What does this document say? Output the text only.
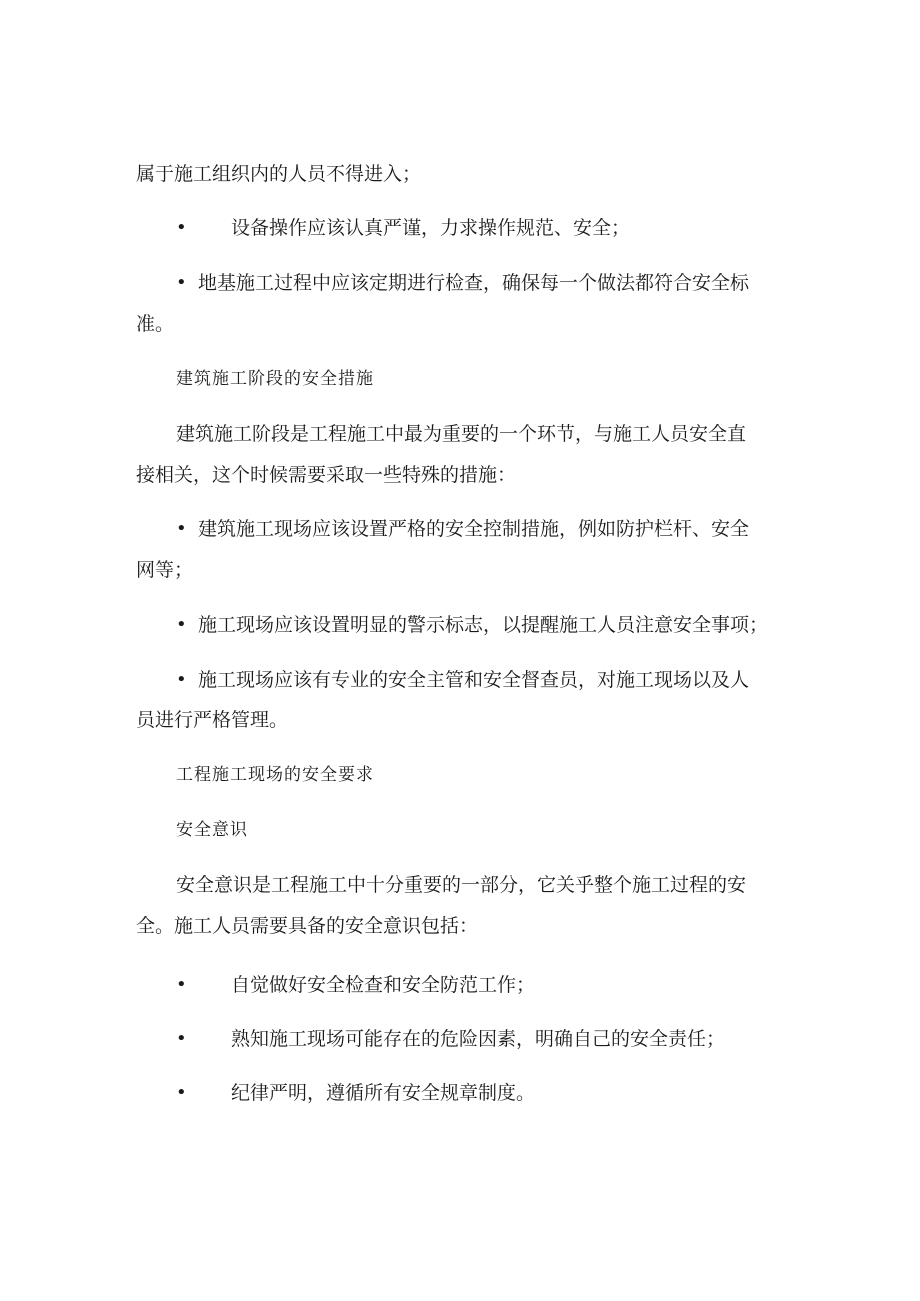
属于施工组织内的人员不得进入；
• 设备操作应该认真严谨，力求操作规范、安全；
• 地基施工过程中应该定期进行检查，确保每一个做法都符合安全标
准。
建筑施工阶段的安全措施
建筑施工阶段是工程施工中最为重要的一个环节，与施工人员安全直
接相关，这个时候需要采取一些特殊的措施：
• 建筑施工现场应该设置严格的安全控制措施，例如防护栏杆、安全
网等；
• 施工现场应该设置明显的警示标志，以提醒施工人员注意安全事项；
• 施工现场应该有专业的安全主管和安全督查员，对施工现场以及人
员进行严格管理。
工程施工现场的安全要求
安全意识
安全意识是工程施工中十分重要的一部分，它关乎整个施工过程的安
全。施工人员需要具备的安全意识包括：
• 自觉做好安全检查和安全防范工作；
• 熟知施工现场可能存在的危险因素，明确自己的安全责任；
• 纪律严明，遵循所有安全规章制度。
